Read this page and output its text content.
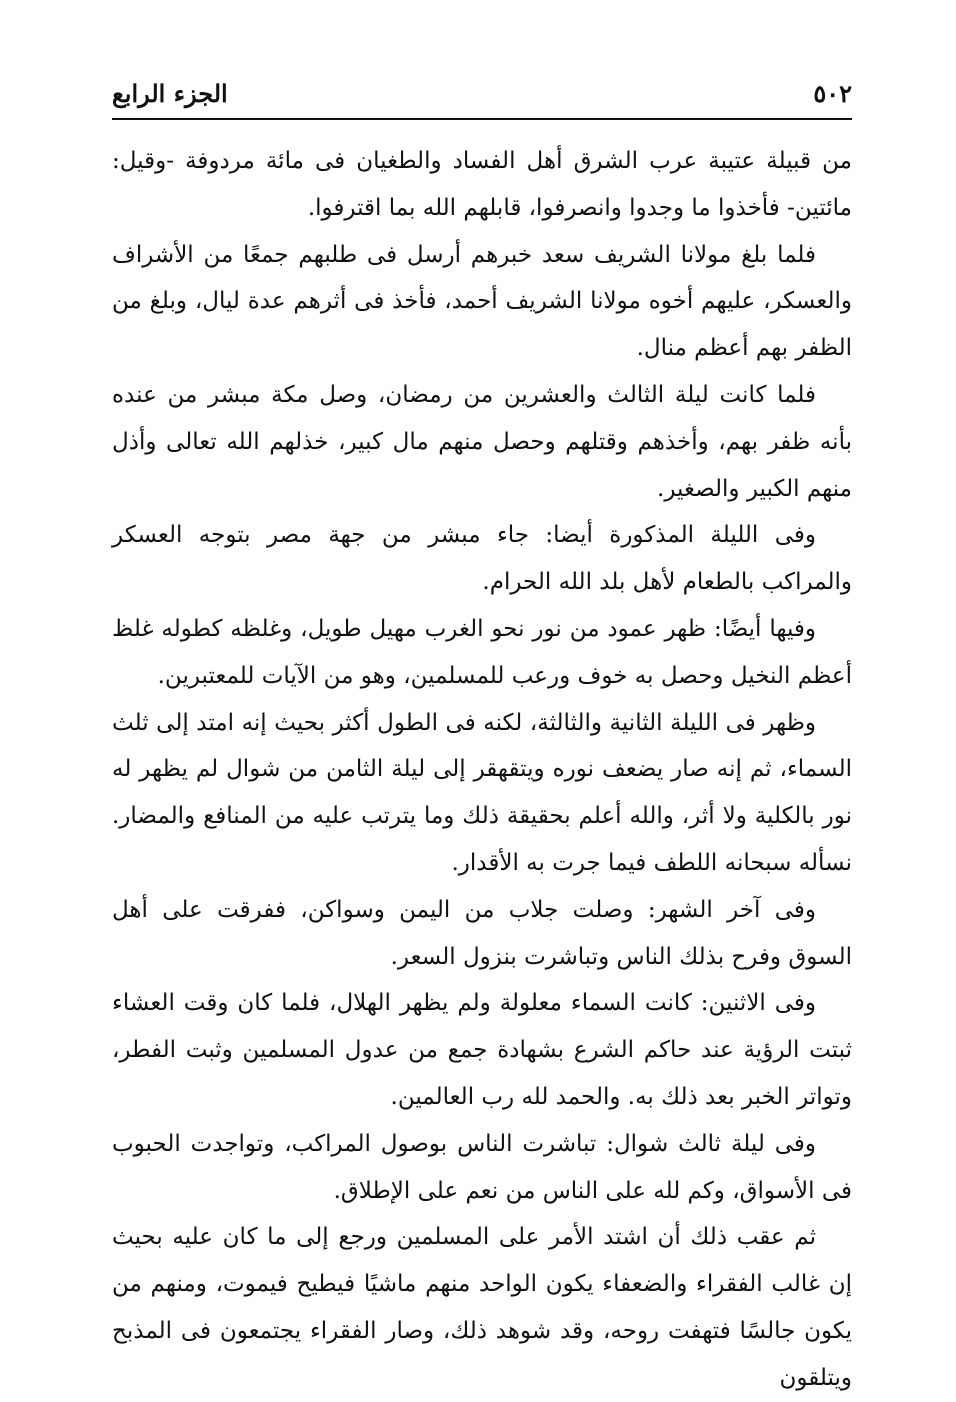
٥٠٢
الجزء الرابع

من قبيلة عتيبة عرب الشرق أهل الفساد والطغيان فى مائة مردوفة -وقيل: مائتين- فأخذوا ما وجدوا وانصرفوا، قابلهم الله بما اقترفوا.

فلما بلغ مولانا الشريف سعد خبرهم أرسل فى طلبهم جمعًا من الأشراف والعسكر، عليهم أخوه مولانا الشريف أحمد، فأخذ فى أثرهم عدة ليال، وبلغ من الظفر بهم أعظم منال.

فلما كانت ليلة الثالث والعشرين من رمضان، وصل مكة مبشر من عنده بأنه ظفر بهم، وأخذهم وقتلهم وحصل منهم مال كبير، خذلهم الله تعالى وأذل منهم الكبير والصغير.

وفى الليلة المذكورة أيضا: جاء مبشر من جهة مصر بتوجه العسكر والمراكب بالطعام لأهل بلد الله الحرام.

وفيها أيضًا: ظهر عمود من نور نحو الغرب مهيل طويل، وغلظه كطوله غلظ أعظم النخيل وحصل به خوف ورعب للمسلمين، وهو من الآيات للمعتبرين.

وظهر فى الليلة الثانية والثالثة، لكنه فى الطول أكثر بحيث إنه امتد إلى ثلث السماء، ثم إنه صار يضعف نوره ويتقهقر إلى ليلة الثامن من شوال لم يظهر له نور بالكلية ولا أثر، والله أعلم بحقيقة ذلك وما يترتب عليه من المنافع والمضار. نسأله سبحانه اللطف فيما جرت به الأقدار.

وفى آخر الشهر: وصلت جلاب من اليمن وسواكن، ففرقت على أهل السوق وفرح بذلك الناس وتباشرت بنزول السعر.

وفى الاثنين: كانت السماء معلولة ولم يظهر الهلال، فلما كان وقت العشاء ثبتت الرؤية عند حاكم الشرع بشهادة جمع من عدول المسلمين وثبت الفطر، وتواتر الخبر بعد ذلك به. والحمد لله رب العالمين.

وفى ليلة ثالث شوال: تباشرت الناس بوصول المراكب، وتواجدت الحبوب فى الأسواق، وكم لله على الناس من نعم على الإطلاق.

ثم عقب ذلك أن اشتد الأمر على المسلمين ورجع إلى ما كان عليه بحيث إن غالب الفقراء والضعفاء يكون الواحد منهم ماشيًا فيطيح فيموت، ومنهم من يكون جالسًا فتهفت روحه، وقد شوهد ذلك، وصار الفقراء يجتمعون فى المذبح ويتلقون
